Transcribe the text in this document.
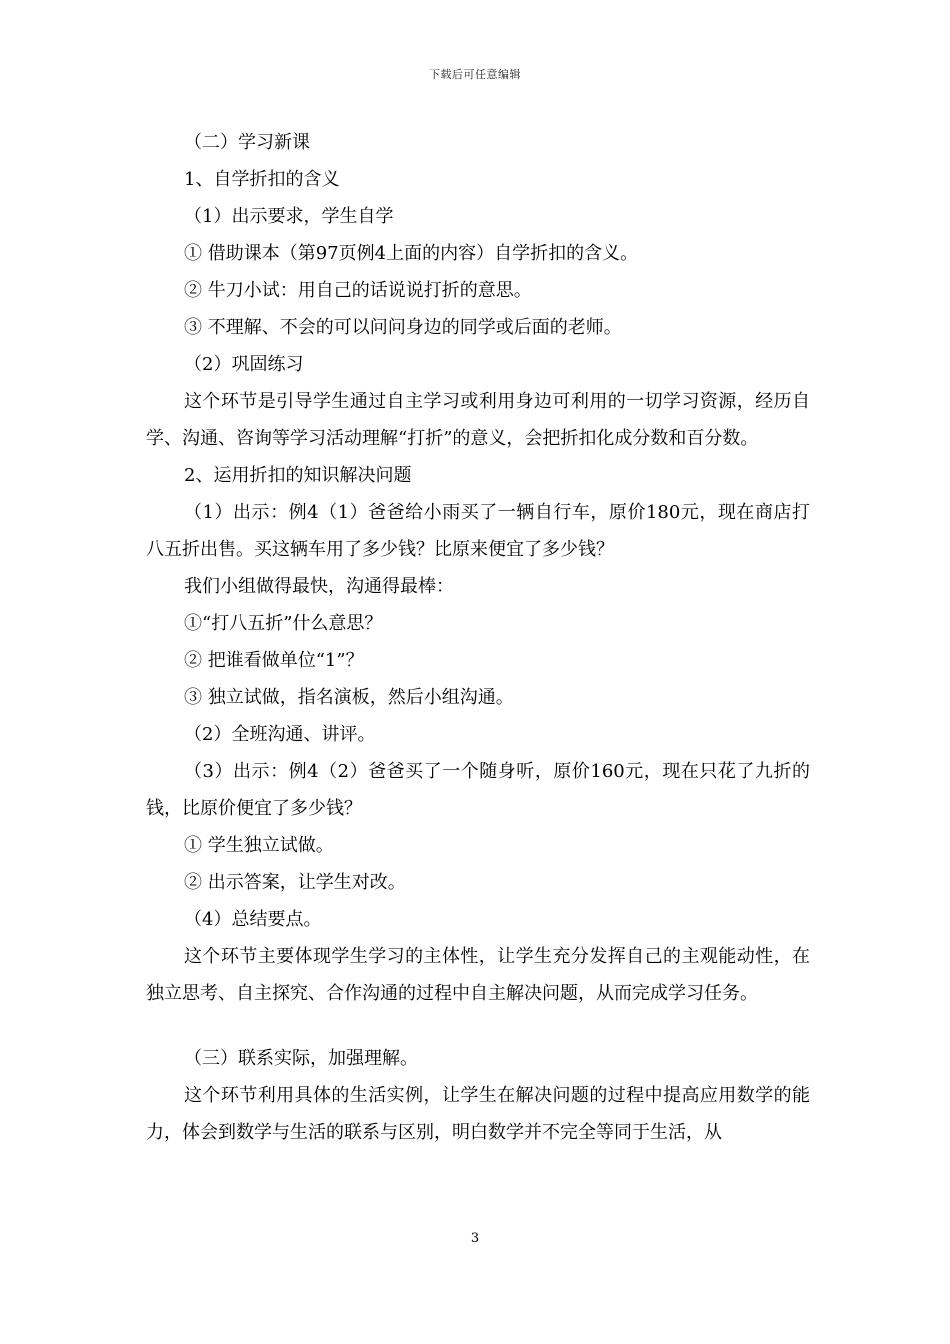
下载后可任意编辑

（二）学习新课

1、自学折扣的含义

（1）出示要求，学生自学

① 借助课本（第97页例4上面的内容）自学折扣的含义。

② 牛刀小试：用自己的话说说打折的意思。

③ 不理解、不会的可以问问身边的同学或后面的老师。

（2）巩固练习

这个环节是引导学生通过自主学习或利用身边可利用的一切学习资源，经历自学、沟通、咨询等学习活动理解“打折”的意义，会把折扣化成分数和百分数。

2、运用折扣的知识解决问题

（1）出示：例4（1）爸爸给小雨买了一辆自行车，原价180元，现在商店打八五折出售。买这辆车用了多少钱？比原来便宜了多少钱？

我们小组做得最快，沟通得最棒：

①“打八五折”什么意思？

② 把谁看做单位“1”？

③ 独立试做，指名演板，然后小组沟通。

（2）全班沟通、讲评。

（3）出示：例4（2）爸爸买了一个随身听，原价160元，现在只花了九折的钱，比原价便宜了多少钱？

① 学生独立试做。

② 出示答案，让学生对改。

（4）总结要点。

这个环节主要体现学生学习的主体性，让学生充分发挥自己的主观能动性，在独立思考、自主探究、合作沟通的过程中自主解决问题，从而完成学习任务。

（三）联系实际，加强理解。

这个环节利用具体的生活实例，让学生在解决问题的过程中提高应用数学的能力，体会到数学与生活的联系与区别，明白数学并不完全等同于生活，从

3
